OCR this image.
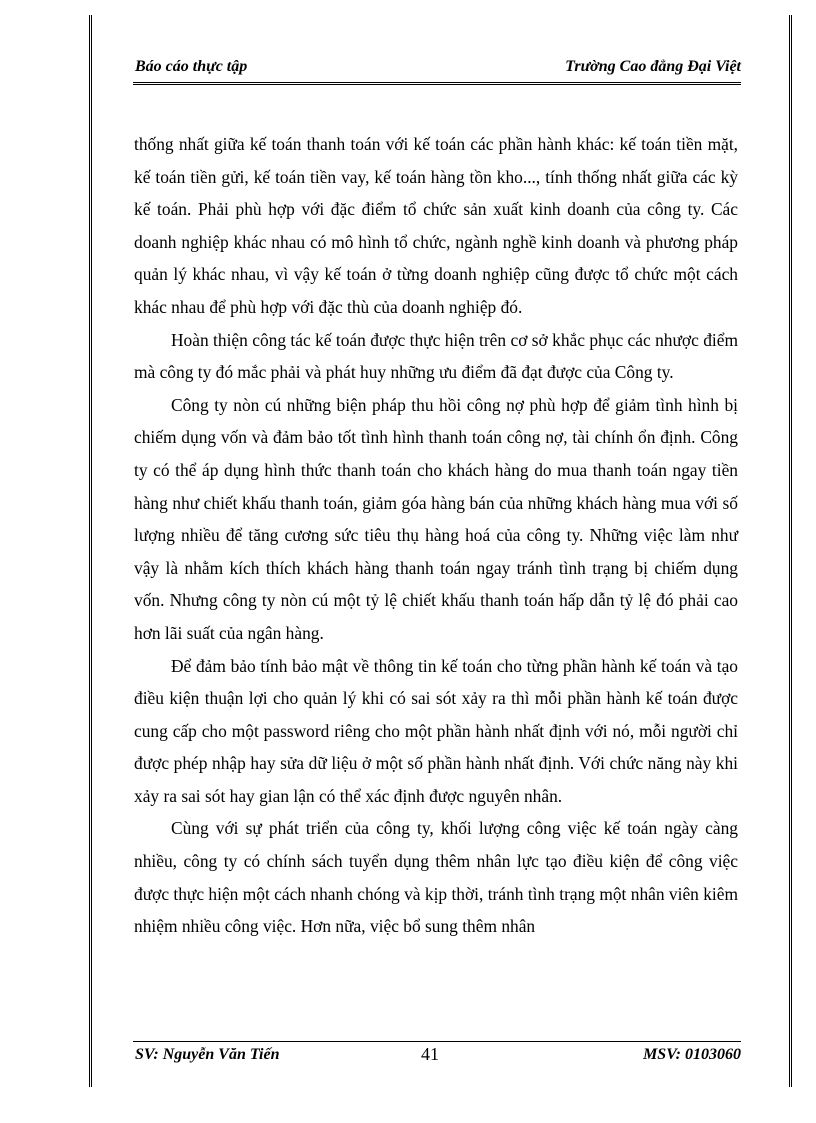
Báo cáo thực tập	Trường Cao đẳng Đại Việt

thống nhất giữa kế toán thanh toán với kế toán các phần hành khác: kế toán tiền mặt, kế toán tiền gửi, kế toán tiền vay, kế toán hàng tồn kho..., tính thống nhất giữa các kỳ kế toán. Phải phù hợp với đặc điểm tổ chức sản xuất kinh doanh của công ty. Các doanh nghiệp khác nhau có mô hình tổ chức, ngành nghề kinh doanh và phương pháp quản lý khác nhau, vì vậy kế toán ở từng doanh nghiệp cũng được tổ chức một cách khác nhau để phù hợp với đặc thù của doanh nghiệp đó.

Hoàn thiện công tác kế toán được thực hiện trên cơ sở khắc phục các nhược điểm mà công ty đó mắc phải và phát huy những ưu điểm đã đạt được của Công ty.

Công ty nòn cú những biện pháp thu hồi công nợ phù hợp để giảm tình hình bị chiếm dụng vốn và đảm bảo tốt tình hình thanh toán công nợ, tài chính ổn định. Công ty có thể áp dụng hình thức thanh toán cho khách hàng do mua thanh toán ngay tiền hàng như chiết khấu thanh toán, giảm góa hàng bán của những khách hàng mua với số lượng nhiều để tăng cương sức tiêu thụ hàng hoá của công ty. Những việc làm như vậy là nhằm kích thích khách hàng thanh toán ngay tránh tình trạng bị chiếm dụng vốn. Nhưng công ty nòn cú một tỷ lệ chiết khấu thanh toán hấp dẫn tỷ lệ đó phải cao hơn lãi suất của ngân hàng.

Để đảm bảo tính bảo mật về thông tin kế toán cho từng phần hành kế toán và tạo điều kiện thuận lợi cho quản lý khi có sai sót xảy ra thì mỗi phần hành kế toán được cung cấp cho một password riêng cho một phần hành nhất định với nó, mỗi người chỉ được phép nhập hay sửa dữ liệu ở một số phần hành nhất định. Với chức năng này khi xảy ra sai sót hay gian lận có thể xác định được nguyên nhân.

Cùng với sự phát triển của công ty, khối lượng công việc kế toán ngày càng nhiều, công ty có chính sách tuyển dụng thêm nhân lực tạo điều kiện để công việc được thực hiện một cách nhanh chóng và kịp thời, tránh tình trạng một nhân viên kiêm nhiệm nhiều công việc. Hơn nữa, việc bổ sung thêm nhân

SV: Nguyễn Văn Tiến	41	MSV: 0103060
